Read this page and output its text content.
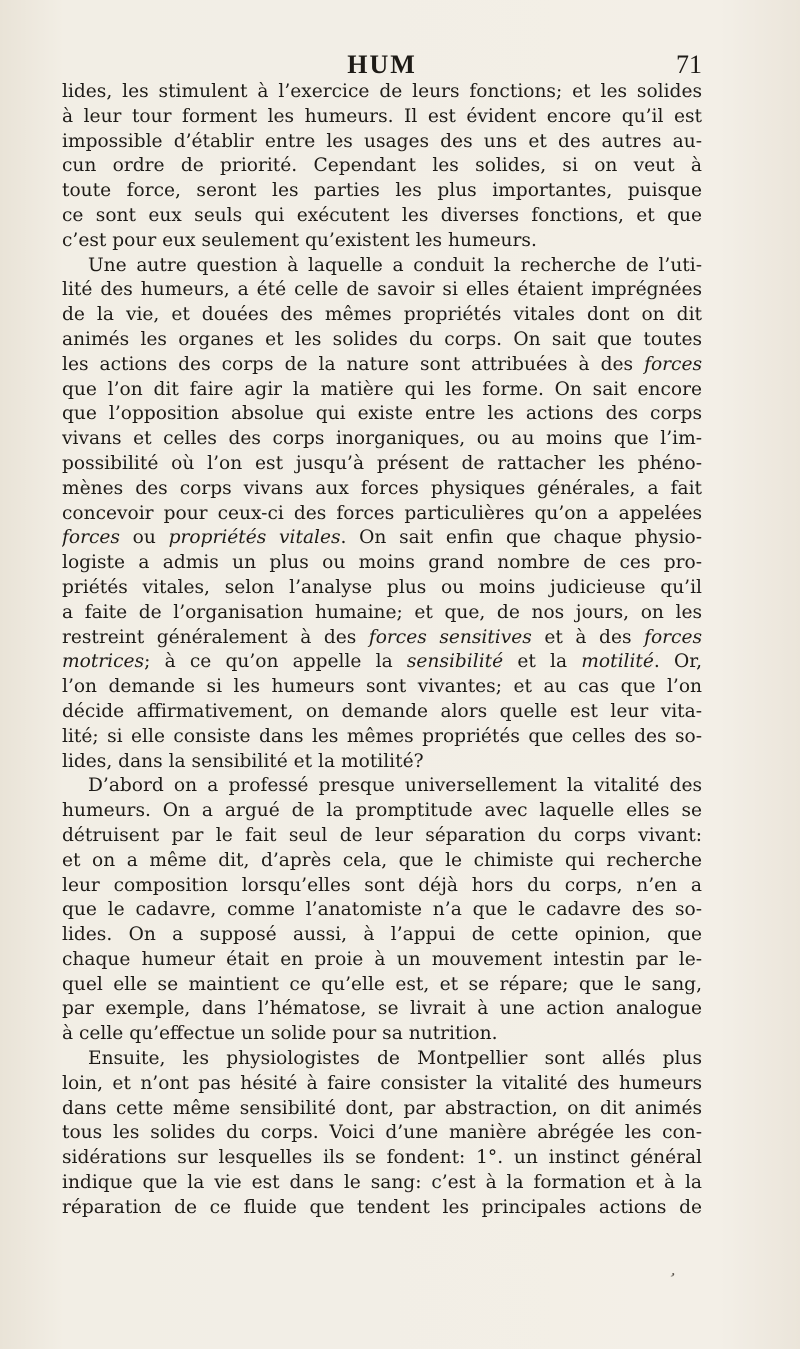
HUM	71
lides, les stimulent à l’exercice de leurs fonctions; et les solides
à leur tour forment les humeurs. Il est évident encore qu’il est
impossible d’établir entre les usages des uns et des autres au-
cun ordre de priorité. Cependant les solides, si on veut à
toute force, seront les parties les plus importantes, puisque
ce sont eux seuls qui exécutent les diverses fonctions, et que
c’est pour eux seulement qu’existent les humeurs.
Une autre question à laquelle a conduit la recherche de l’uti-
lité des humeurs, a été celle de savoir si elles étaient imprégnées
de la vie, et douées des mêmes propriétés vitales dont on dit
animés les organes et les solides du corps. On sait que toutes
les actions des corps de la nature sont attribuées à des forces
que l’on dit faire agir la matière qui les forme. On sait encore
que l’opposition absolue qui existe entre les actions des corps
vivans et celles des corps inorganiques, ou au moins que l’im-
possibilité où l’on est jusqu’à présent de rattacher les phéno-
mènes des corps vivans aux forces physiques générales, a fait
concevoir pour ceux-ci des forces particulières qu’on a appelées
forces ou propriétés vitales. On sait enfin que chaque physio-
logiste a admis un plus ou moins grand nombre de ces pro-
priétés vitales, selon l’analyse plus ou moins judicieuse qu’il
a faite de l’organisation humaine; et que, de nos jours, on les
restreint généralement à des forces sensitives et à des forces
motrices; à ce qu’on appelle la sensibilité et la motilité. Or,
l’on demande si les humeurs sont vivantes; et au cas que l’on
décide affirmativement, on demande alors quelle est leur vita-
lité; si elle consiste dans les mêmes propriétés que celles des so-
lides, dans la sensibilité et la motilité?
D’abord on a professé presque universellement la vitalité des
humeurs. On a argué de la promptitude avec laquelle elles se
détruisent par le fait seul de leur séparation du corps vivant:
et on a même dit, d’après cela, que le chimiste qui recherche
leur composition lorsqu’elles sont déjà hors du corps, n’en a
que le cadavre, comme l’anatomiste n’a que le cadavre des so-
lides. On a supposé aussi, à l’appui de cette opinion, que
chaque humeur était en proie à un mouvement intestin par le-
quel elle se maintient ce qu’elle est, et se répare; que le sang,
par exemple, dans l’hématose, se livrait à une action analogue
à celle qu’effectue un solide pour sa nutrition.
Ensuite, les physiologistes de Montpellier sont allés plus
loin, et n’ont pas hésité à faire consister la vitalité des humeurs
dans cette même sensibilité dont, par abstraction, on dit animés
tous les solides du corps. Voici d’une manière abrégée les con-
sidérations sur lesquelles ils se fondent: 1°. un instinct général
indique que la vie est dans le sang: c’est à la formation et à la
réparation de ce fluide que tendent les principales actions de
‚
